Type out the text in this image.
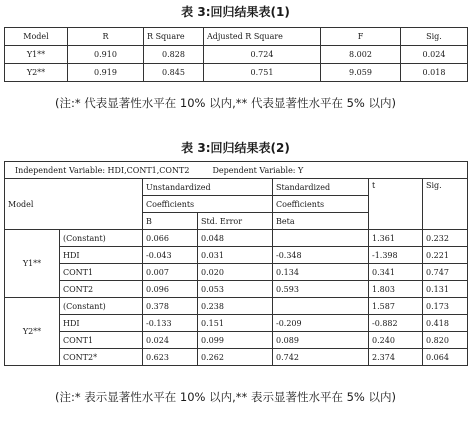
表 3:回归结果表(1)
Model	R	R Square	Adjusted R Square	F	Sig.
Y1**	0.910	0.828	0.724	8.002	0.024
Y2**	0.919	0.845	0.751	9.059	0.018
(注:* 代表显著性水平在 10% 以内,** 代表显著性水平在 5% 以内)
表 3:回归结果表(2)
Independent Variable: HDI,CONT1,CONT2 Dependent Variable: Y						
Model		Unstandardized		Standardized	t	Sig.
		Coefficients		Coefficients		
		B	Std. Error	Beta		
Y1**	(Constant)	0.066	0.048		1.361	0.232
	HDI	-0.043	0.031	-0.348	-1.398	0.221
	CONT1	0.007	0.020	0.134	0.341	0.747
	CONT2	0.096	0.053	0.593	1.803	0.131
Y2**	(Constant)	0.378	0.238		1.587	0.173
	HDI	-0.133	0.151	-0.209	-0.882	0.418
	CONT1	0.024	0.099	0.089	0.240	0.820
	CONT2*	0.623	0.262	0.742	2.374	0.064
(注:* 表示显著性水平在 10% 以内,** 表示显著性水平在 5% 以内)
